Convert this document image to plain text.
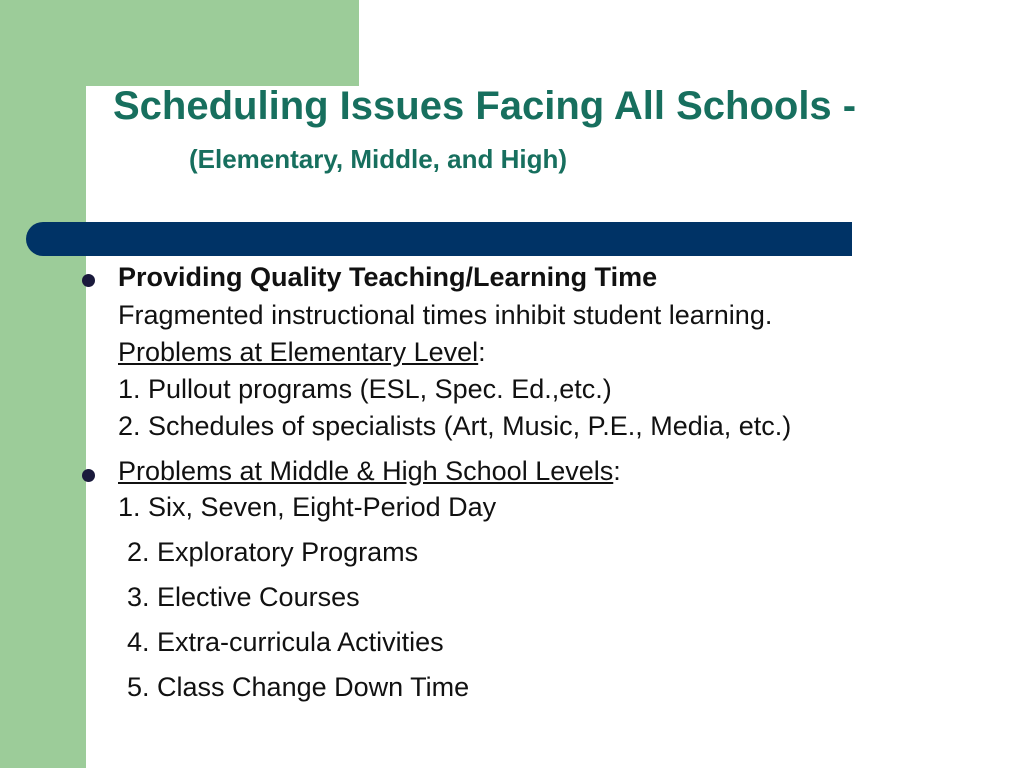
Scheduling Issues Facing All Schools -
(Elementary, Middle, and High)

Providing Quality Teaching/Learning Time

Fragmented instructional times inhibit student learning.

Problems at Elementary Level:

1. Pullout programs (ESL, Spec. Ed.,etc.)

2. Schedules of specialists (Art, Music, P.E., Media, etc.)

Problems at Middle & High School Levels:

1. Six, Seven, Eight-Period Day

2. Exploratory Programs

3. Elective Courses

4. Extra-curricula Activities

5. Class Change Down Time
